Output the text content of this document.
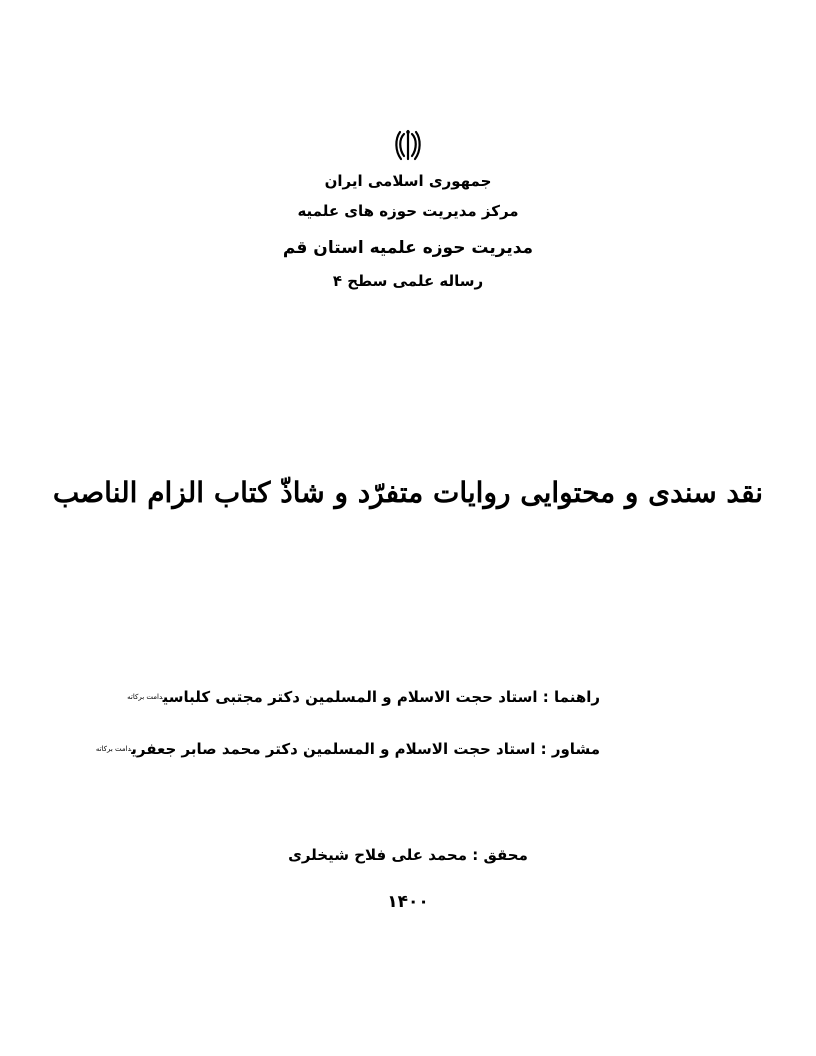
جمهوری اسلامی ایران
مرکز مدیریت حوزه های علمیه
مدیریت حوزه علمیه استان قم
رساله علمی سطح ۴
نقد سندی و محتوایی روایات متفرّد و شاذّ کتاب الزام الناصب
راهنما : استاد حجت الاسلام و المسلمین دکتر مجتبی کلباسی$^{دامت برکاته}$
مشاور : استاد حجت الاسلام و المسلمین دکتر محمد صابر جعفری$^{دامت برکاته}$
محقق : محمد علی فلاح شیخلری
۱۴۰۰
